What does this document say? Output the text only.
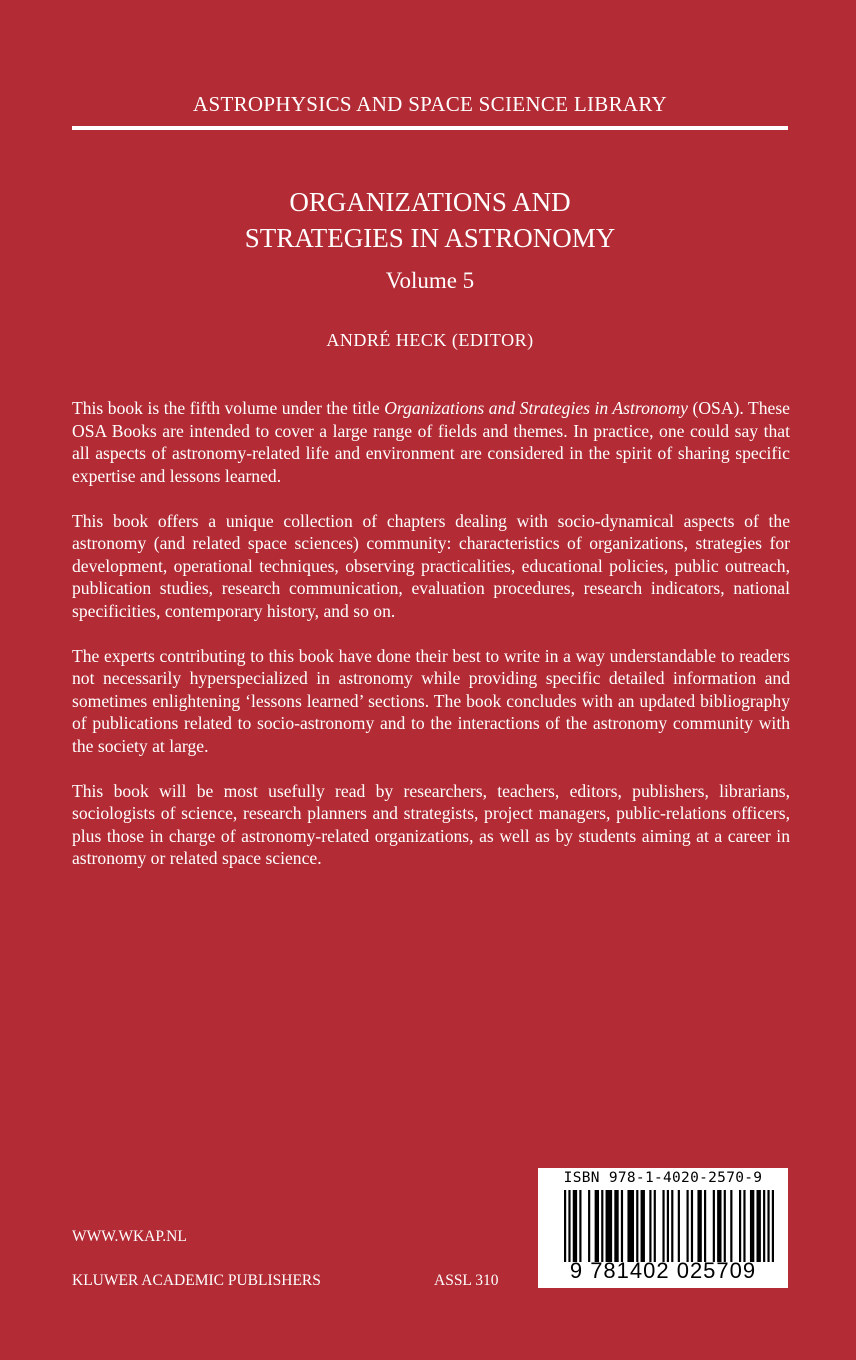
ASTROPHYSICS AND SPACE SCIENCE LIBRARY
ORGANIZATIONS AND
STRATEGIES IN ASTRONOMY
Volume 5
ANDRÉ HECK (EDITOR)

This book is the fifth volume under the title Organizations and Strategies in Astronomy (OSA). These OSA Books are intended to cover a large range of fields and themes. In practice, one could say that all aspects of astronomy-related life and environment are considered in the spirit of sharing specific expertise and lessons learned.

This book offers a unique collection of chapters dealing with socio-dynamical aspects of the astronomy (and related space sciences) community: characteristics of organizations, strategies for development, operational techniques, observing practicalities, educational policies, public outreach, publication studies, research communication, evaluation procedures, research indicators, national specificities, contemporary history, and so on.

The experts contributing to this book have done their best to write in a way understandable to readers not necessarily hyperspecialized in astronomy while providing specific detailed information and sometimes enlightening ‘lessons learned’ sections. The book concludes with an updated bibliography of publications related to socio-astronomy and to the interactions of the astronomy community with the society at large.

This book will be most usefully read by researchers, teachers, editors, publishers, librarians, sociologists of science, research planners and strategists, project managers, public-relations officers, plus those in charge of astronomy-related organizations, as well as by students aiming at a career in astronomy or related space science.

WWW.WKAP.NL
KLUWER ACADEMIC PUBLISHERS	ASSL 310
ISBN 978-1-4020-2570-9
9 781402 025709
